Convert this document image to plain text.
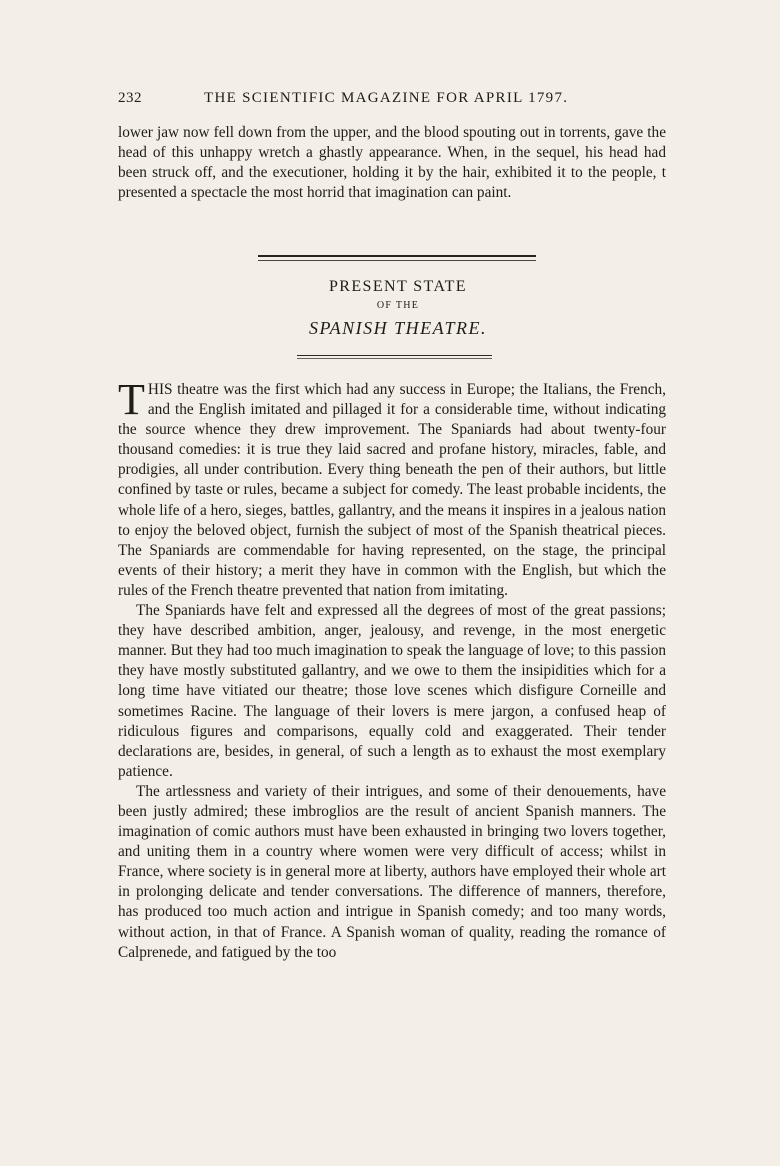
232	THE SCIENTIFIC MAGAZINE FOR APRIL 1797.

lower jaw now fell down from the upper, and the blood spouting out in torrents, gave the head of this unhappy wretch a ghastly appearance. When, in the sequel, his head had been struck off, and the executioner, holding it by the hair, exhibited it to the people, t presented a spectacle the most horrid that imagination can paint.

PRESENT STATE
OF THE
SPANISH THEATRE.

THIS theatre was the first which had any success in Europe; the Italians, the French, and the English imitated and pillaged it for a considerable time, without indicating the source whence they drew improvement. The Spaniards had about twenty-four thousand comedies: it is true they laid sacred and profane history, miracles, fable, and prodigies, all under contribution. Every thing beneath the pen of their authors, but little confined by taste or rules, became a subject for comedy. The least probable incidents, the whole life of a hero, sieges, battles, gallantry, and the means it inspires in a jealous nation to enjoy the beloved object, furnish the subject of most of the Spanish theatrical pieces. The Spaniards are commendable for having represented, on the stage, the principal events of their history; a merit they have in common with the English, but which the rules of the French theatre prevented that nation from imitating.

The Spaniards have felt and expressed all the degrees of most of the great passions; they have described ambition, anger, jealousy, and revenge, in the most energetic manner. But they had too much imagination to speak the language of love; to this passion they have mostly substituted gallantry, and we owe to them the insipidities which for a long time have vitiated our theatre; those love scenes which disfigure Corneille and sometimes Racine. The language of their lovers is mere jargon, a confused heap of ridiculous figures and comparisons, equally cold and exaggerated. Their tender declarations are, besides, in general, of such a length as to exhaust the most exemplary patience.

The artlessness and variety of their intrigues, and some of their denouements, have been justly admired; these imbroglios are the result of ancient Spanish manners. The imagination of comic authors must have been exhausted in bringing two lovers together, and uniting them in a country where women were very difficult of access; whilst in France, where society is in general more at liberty, authors have employed their whole art in prolonging delicate and tender conversations. The difference of manners, therefore, has produced too much action and intrigue in Spanish comedy; and too many words, without action, in that of France. A Spanish woman of quality, reading the romance of Calprenede, and fatigued by the too
